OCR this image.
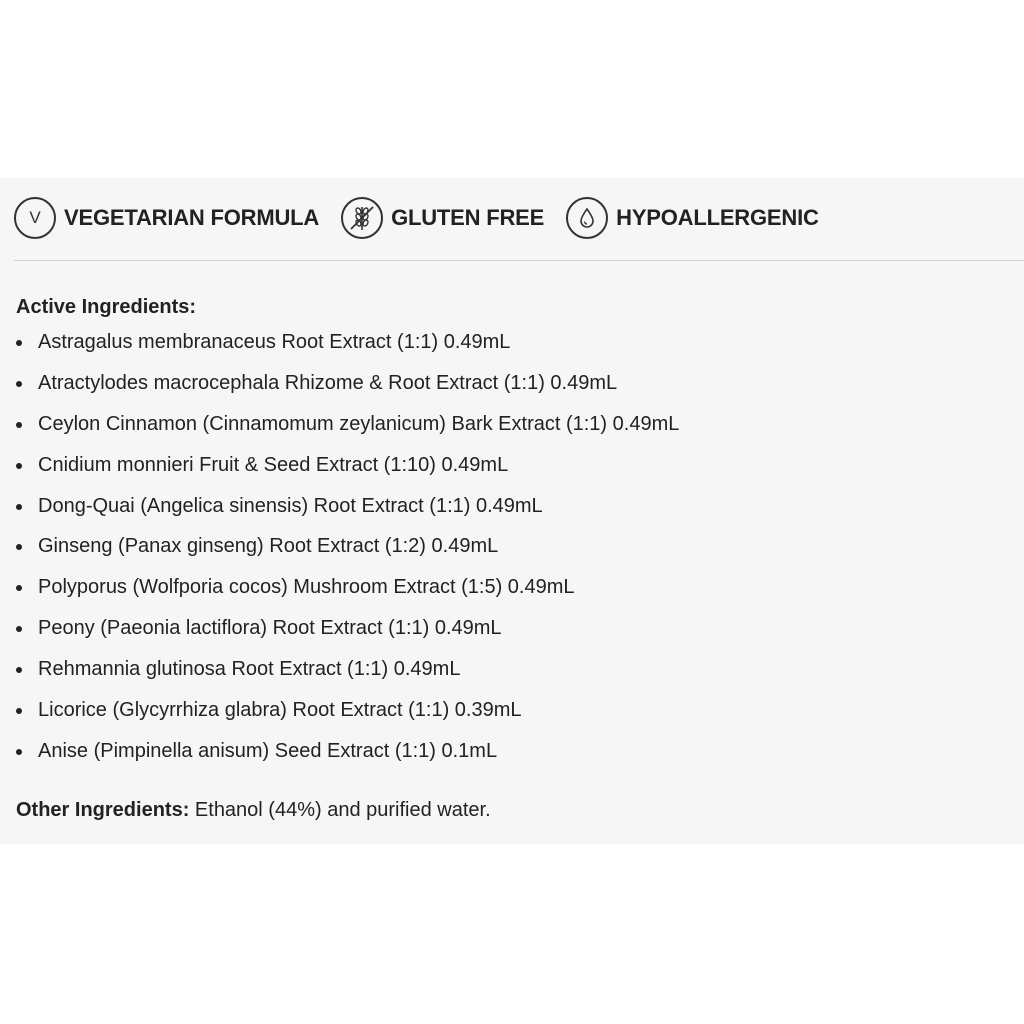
V VEGETARIAN FORMULA	GLUTEN FREE	HYPOALLERGENIC
Active Ingredients:
Astragalus membranaceus Root Extract (1:1) 0.49mL
Atractylodes macrocephala Rhizome & Root Extract (1:1) 0.49mL
Ceylon Cinnamon (Cinnamomum zeylanicum) Bark Extract (1:1) 0.49mL
Cnidium monnieri Fruit & Seed Extract (1:10) 0.49mL
Dong-Quai (Angelica sinensis) Root Extract (1:1) 0.49mL
Ginseng (Panax ginseng) Root Extract (1:2) 0.49mL
Polyporus (Wolfporia cocos) Mushroom Extract (1:5) 0.49mL
Peony (Paeonia lactiflora) Root Extract (1:1) 0.49mL
Rehmannia glutinosa Root Extract (1:1) 0.49mL
Licorice (Glycyrrhiza glabra) Root Extract (1:1) 0.39mL
Anise (Pimpinella anisum) Seed Extract (1:1) 0.1mL
Other Ingredients: Ethanol (44%) and purified water.
